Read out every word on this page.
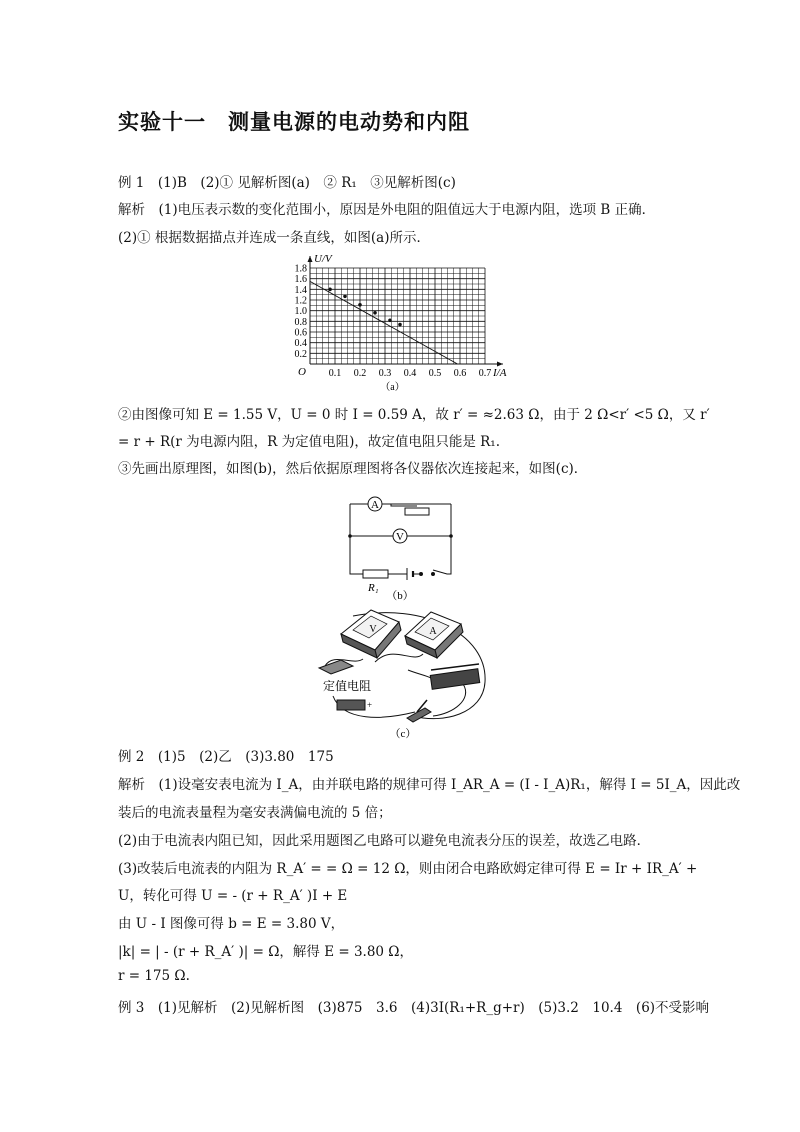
实验十一　测量电源的电动势和内阻
例 1　(1)B　(2)① 见解析图(a)　② R₁　③见解析图(c)
解析　(1)电压表示数的变化范围小，原因是外电阻的阻值远大于电源内阻，选项 B 正确．
(2)① 根据数据描点并连成一条直线，如图(a)所示．
0.1 0.2 0.3 0.4 0.5 0.6 0.7
0.2
0.4
0.6
0.8
1.0
1.2
1.4
1.6
1.8
O	I/A
U/V
（a）
②由图像可知 E = 1.55 V，U = 0 时 I = 0.59 A，故 r′ = ≈2.63 Ω，由于 2 Ω<r′ <5 Ω，又 r′
= r + R(r 为电源内阻，R 为定值电阻)，故定值电阻只能是 R₁.
③先画出原理图，如图(b)，然后依据原理图将各仪器依次连接起来，如图(c)．
A
V
R₁
（b）
V	A
定值电阻
+
（c）
例 2　(1)5　(2)乙　(3)3.80　175
解析　(1)设毫安表电流为 I_A，由并联电路的规律可得 I_AR_A = (I - I_A)R₁，解得 I = 5I_A，因此改
装后的电流表量程为毫安表满偏电流的 5 倍；
(2)由于电流表内阻已知，因此采用题图乙电路可以避免电流表分压的误差，故选乙电路．
(3)改装后电流表的内阻为 R_A′ = = Ω = 12 Ω，则由闭合电路欧姆定律可得 E = Ir + IR_A′ +
U，转化可得 U = - (r + R_A′ )I + E
由 U - I 图像可得 b = E = 3.80 V，
|k| = | - (r + R_A′ )| = Ω，解得 E = 3.80 Ω，
r = 175 Ω.
例 3　(1)见解析　(2)见解析图　(3)875　3.6　(4)3I(R₁+R_g+r)　(5)3.2　10.4　(6)不受影响
